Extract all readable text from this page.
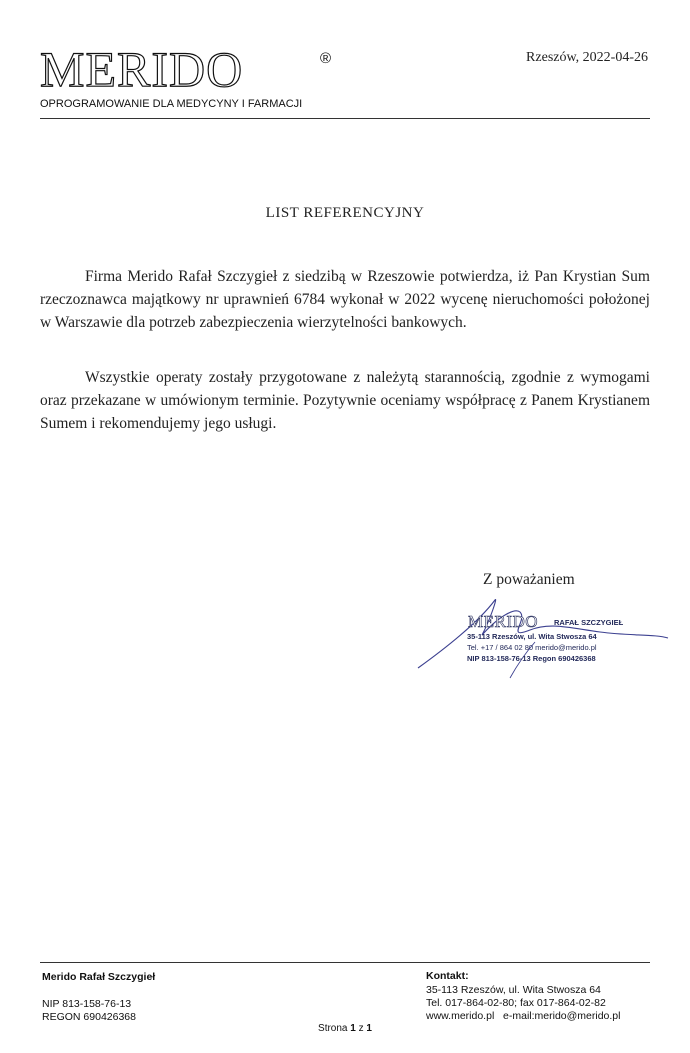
MERIDO	®
OPROGRAMOWANIE DLA MEDYCYNY I FARMACJI
Rzeszów, 2022-04-26
LIST REFERENCYJNY

Firma Merido Rafał Szczygieł z siedzibą w Rzeszowie potwierdza, iż Pan Krystian Sum rzeczoznawca majątkowy nr uprawnień 6784 wykonał w 2022 wycenę nieruchomości położonej w Warszawie dla potrzeb zabezpieczenia wierzytelności bankowych.

Wszystkie operaty zostały przygotowane z należytą starannością, zgodnie z wymogami oraz przekazane w umówionym terminie. Pozytywnie oceniamy współpracę z Panem Krystianem Sumem i rekomendujemy jego usługi.

Z poważaniem
MERIDO RAFAŁ SZCZYGIEŁ
35-113 Rzeszów, ul. Wita Stwosza 64
Tel. +17 / 864 02 80 merido@merido.pl
NIP 813-158-76-13 Regon 690426368
Merido Rafał Szczygieł
NIP 813-158-76-13
REGON 690426368
Kontakt:
35-113 Rzeszów, ul. Wita Stwosza 64
Tel. 017-864-02-80; fax 017-864-02-82
www.merido.pl   e-mail:merido@merido.pl
Strona 1 z 1
